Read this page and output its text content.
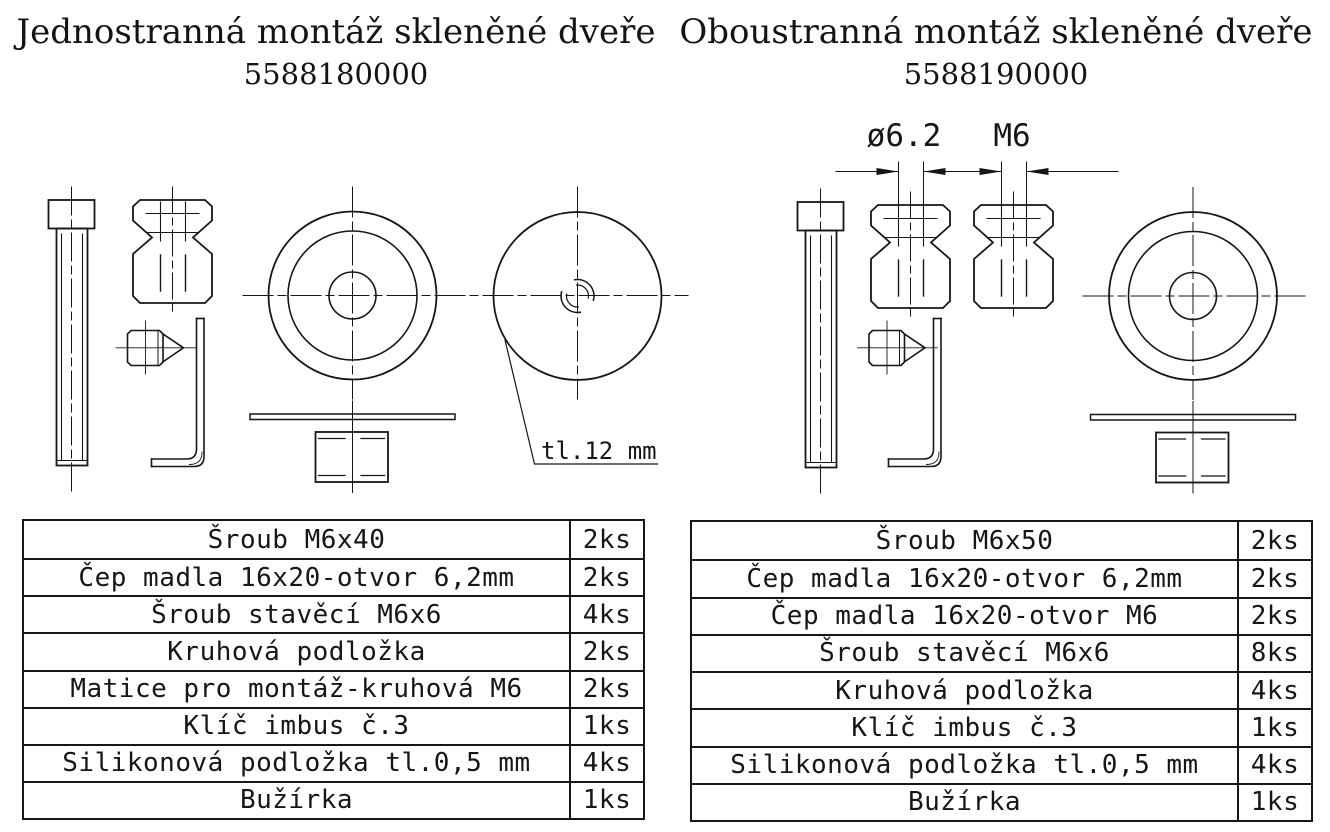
Jednostranná montáž skleněné dveře
5588180000
Oboustranná montáž skleněné dveře
5588190000
tl.12 mm
ø6.2 M6
Šroub M6x40	2ks
Čep madla 16x20-otvor 6,2mm	2ks
Šroub stavěcí M6x6	4ks
Kruhová podložka	2ks
Matice pro montáž-kruhová M6	2ks
Klíč imbus č.3	1ks
Silikonová podložka tl.0,5 mm	4ks
Bužírka	1ks
Šroub M6x50	2ks
Čep madla 16x20-otvor 6,2mm	2ks
Čep madla 16x20-otvor M6	2ks
Šroub stavěcí M6x6	8ks
Kruhová podložka	4ks
Klíč imbus č.3	1ks
Silikonová podložka tl.0,5 mm	4ks
Bužírka	1ks
